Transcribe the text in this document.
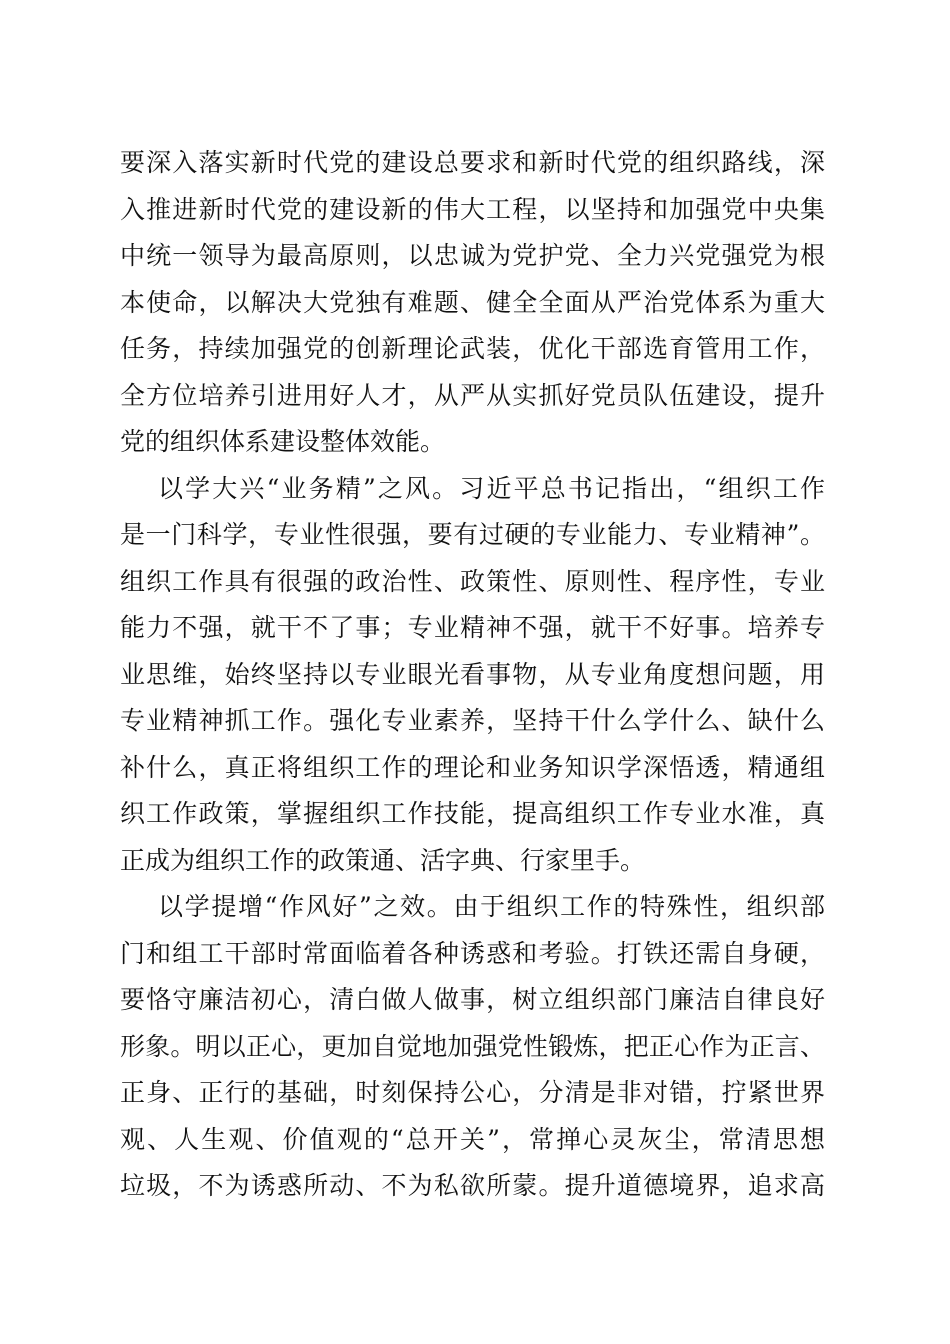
要深入落实新时代党的建设总要求和新时代党的组织路线，深
入推进新时代党的建设新的伟大工程，以坚持和加强党中央集
中统一领导为最高原则，以忠诚为党护党、全力兴党强党为根
本使命，以解决大党独有难题、健全全面从严治党体系为重大
任务，持续加强党的创新理论武装，优化干部选育管用工作，
全方位培养引进用好人才，从严从实抓好党员队伍建设，提升
党的组织体系建设整体效能。
以学大兴“业务精”之风。习近平总书记指出，“组织工作
是一门科学，专业性很强，要有过硬的专业能力、专业精神”。
组织工作具有很强的政治性、政策性、原则性、程序性，专业
能力不强，就干不了事；专业精神不强，就干不好事。培养专
业思维，始终坚持以专业眼光看事物，从专业角度想问题，用
专业精神抓工作。强化专业素养，坚持干什么学什么、缺什么
补什么，真正将组织工作的理论和业务知识学深悟透，精通组
织工作政策，掌握组织工作技能，提高组织工作专业水准，真
正成为组织工作的政策通、活字典、行家里手。
以学提增“作风好”之效。由于组织工作的特殊性，组织部
门和组工干部时常面临着各种诱惑和考验。打铁还需自身硬，
要恪守廉洁初心，清白做人做事，树立组织部门廉洁自律良好
形象。明以正心，更加自觉地加强党性锻炼，把正心作为正言、
正身、正行的基础，时刻保持公心，分清是非对错，拧紧世界
观、人生观、价值观的“总开关”，常掸心灵灰尘，常清思想
垃圾，不为诱惑所动、不为私欲所蒙。提升道德境界，追求高
